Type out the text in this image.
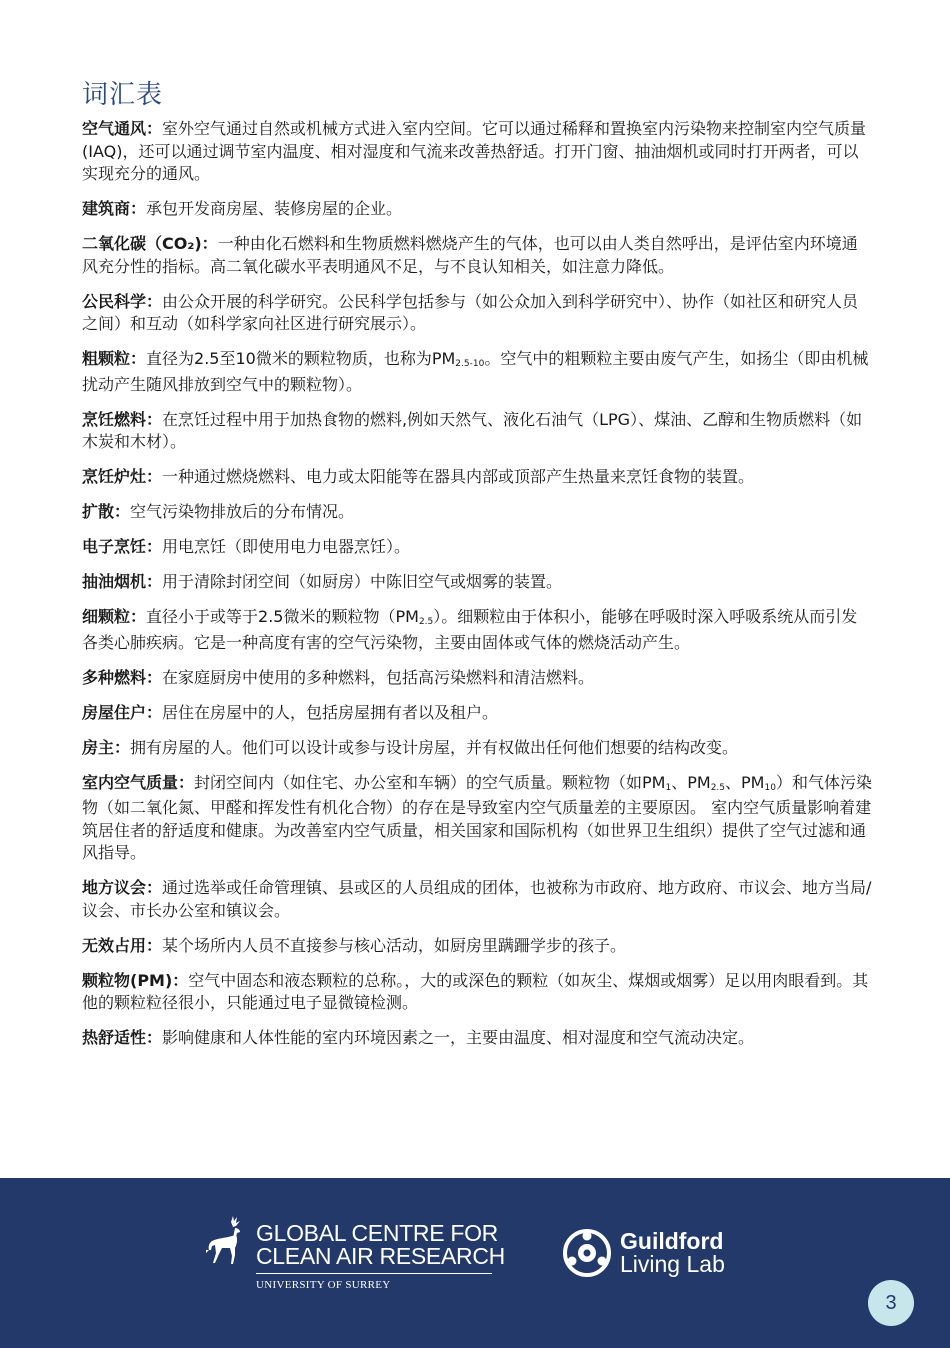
词汇表

空气通风：室外空气通过自然或机械方式进入室内空间。它可以通过稀释和置换室内污染物来控制室内空气质量(IAQ)，还可以通过调节室内温度、相对湿度和气流来改善热舒适。打开门窗、抽油烟机或同时打开两者，可以实现充分的通风。

建筑商：承包开发商房屋、装修房屋的企业。

二氧化碳（CO₂)：一种由化石燃料和生物质燃料燃烧产生的气体，也可以由人类自然呼出，是评估室内环境通风充分性的指标。高二氧化碳水平表明通风不足，与不良认知相关，如注意力降低。

公民科学：由公众开展的科学研究。公民科学包括参与（如公众加入到科学研究中）、协作（如社区和研究人员之间）和互动（如科学家向社区进行研究展示）。

粗颗粒：直径为2.5至10微米的颗粒物质，也称为$PM_{2.5-10}$。空气中的粗颗粒主要由废气产生，如扬尘（即由机械扰动产生随风排放到空气中的颗粒物）。

烹饪燃料：在烹饪过程中用于加热食物的燃料,例如天然气、液化石油气（LPG）、煤油、乙醇和生物质燃料（如木炭和木材）。

烹饪炉灶：一种通过燃烧燃料、电力或太阳能等在器具内部或顶部产生热量来烹饪食物的装置。

扩散：空气污染物排放后的分布情况。

电子烹饪：用电烹饪（即使用电力电器烹饪）。

抽油烟机：用于清除封闭空间（如厨房）中陈旧空气或烟雾的装置。

细颗粒：直径小于或等于2.5微米的颗粒物$(PM_{2.5})$。细颗粒由于体积小，能够在呼吸时深入呼吸系统从而引发各类心肺疾病。它是一种高度有害的空气污染物，主要由固体或气体的燃烧活动产生。

多种燃料：在家庭厨房中使用的多种燃料，包括高污染燃料和清洁燃料。

房屋住户：居住在房屋中的人，包括房屋拥有者以及租户。

房主：拥有房屋的人。他们可以设计或参与设计房屋，并有权做出任何他们想要的结构改变。

室内空气质量：封闭空间内（如住宅、办公室和车辆）的空气质量。颗粒物（如$PM_1$、$PM_{2.5}$、$PM_{10}$）和气体污染物（如二氧化氮、甲醛和挥发性有机化合物）的存在是导致室内空气质量差的主要原因。 室内空气质量影响着建筑居住者的舒适度和健康。为改善室内空气质量，相关国家和国际机构（如世界卫生组织）提供了空气过滤和通风指导。

地方议会：通过选举或任命管理镇、县或区的人员组成的团体，也被称为市政府、地方政府、市议会、地方当局/议会、市长办公室和镇议会。

无效占用：某个场所内人员不直接参与核心活动，如厨房里蹒跚学步的孩子。

颗粒物(PM)：空气中固态和液态颗粒的总称。，大的或深色的颗粒（如灰尘、煤烟或烟雾）足以用肉眼看到。其他的颗粒粒径很小，只能通过电子显微镜检测。

热舒适性：影响健康和人体性能的室内环境因素之一，主要由温度、相对湿度和空气流动决定。

GLOBAL CENTRE FOR
CLEAN AIR RESEARCH
UNIVERSITY OF SURREY
Guildford
Living Lab
3
